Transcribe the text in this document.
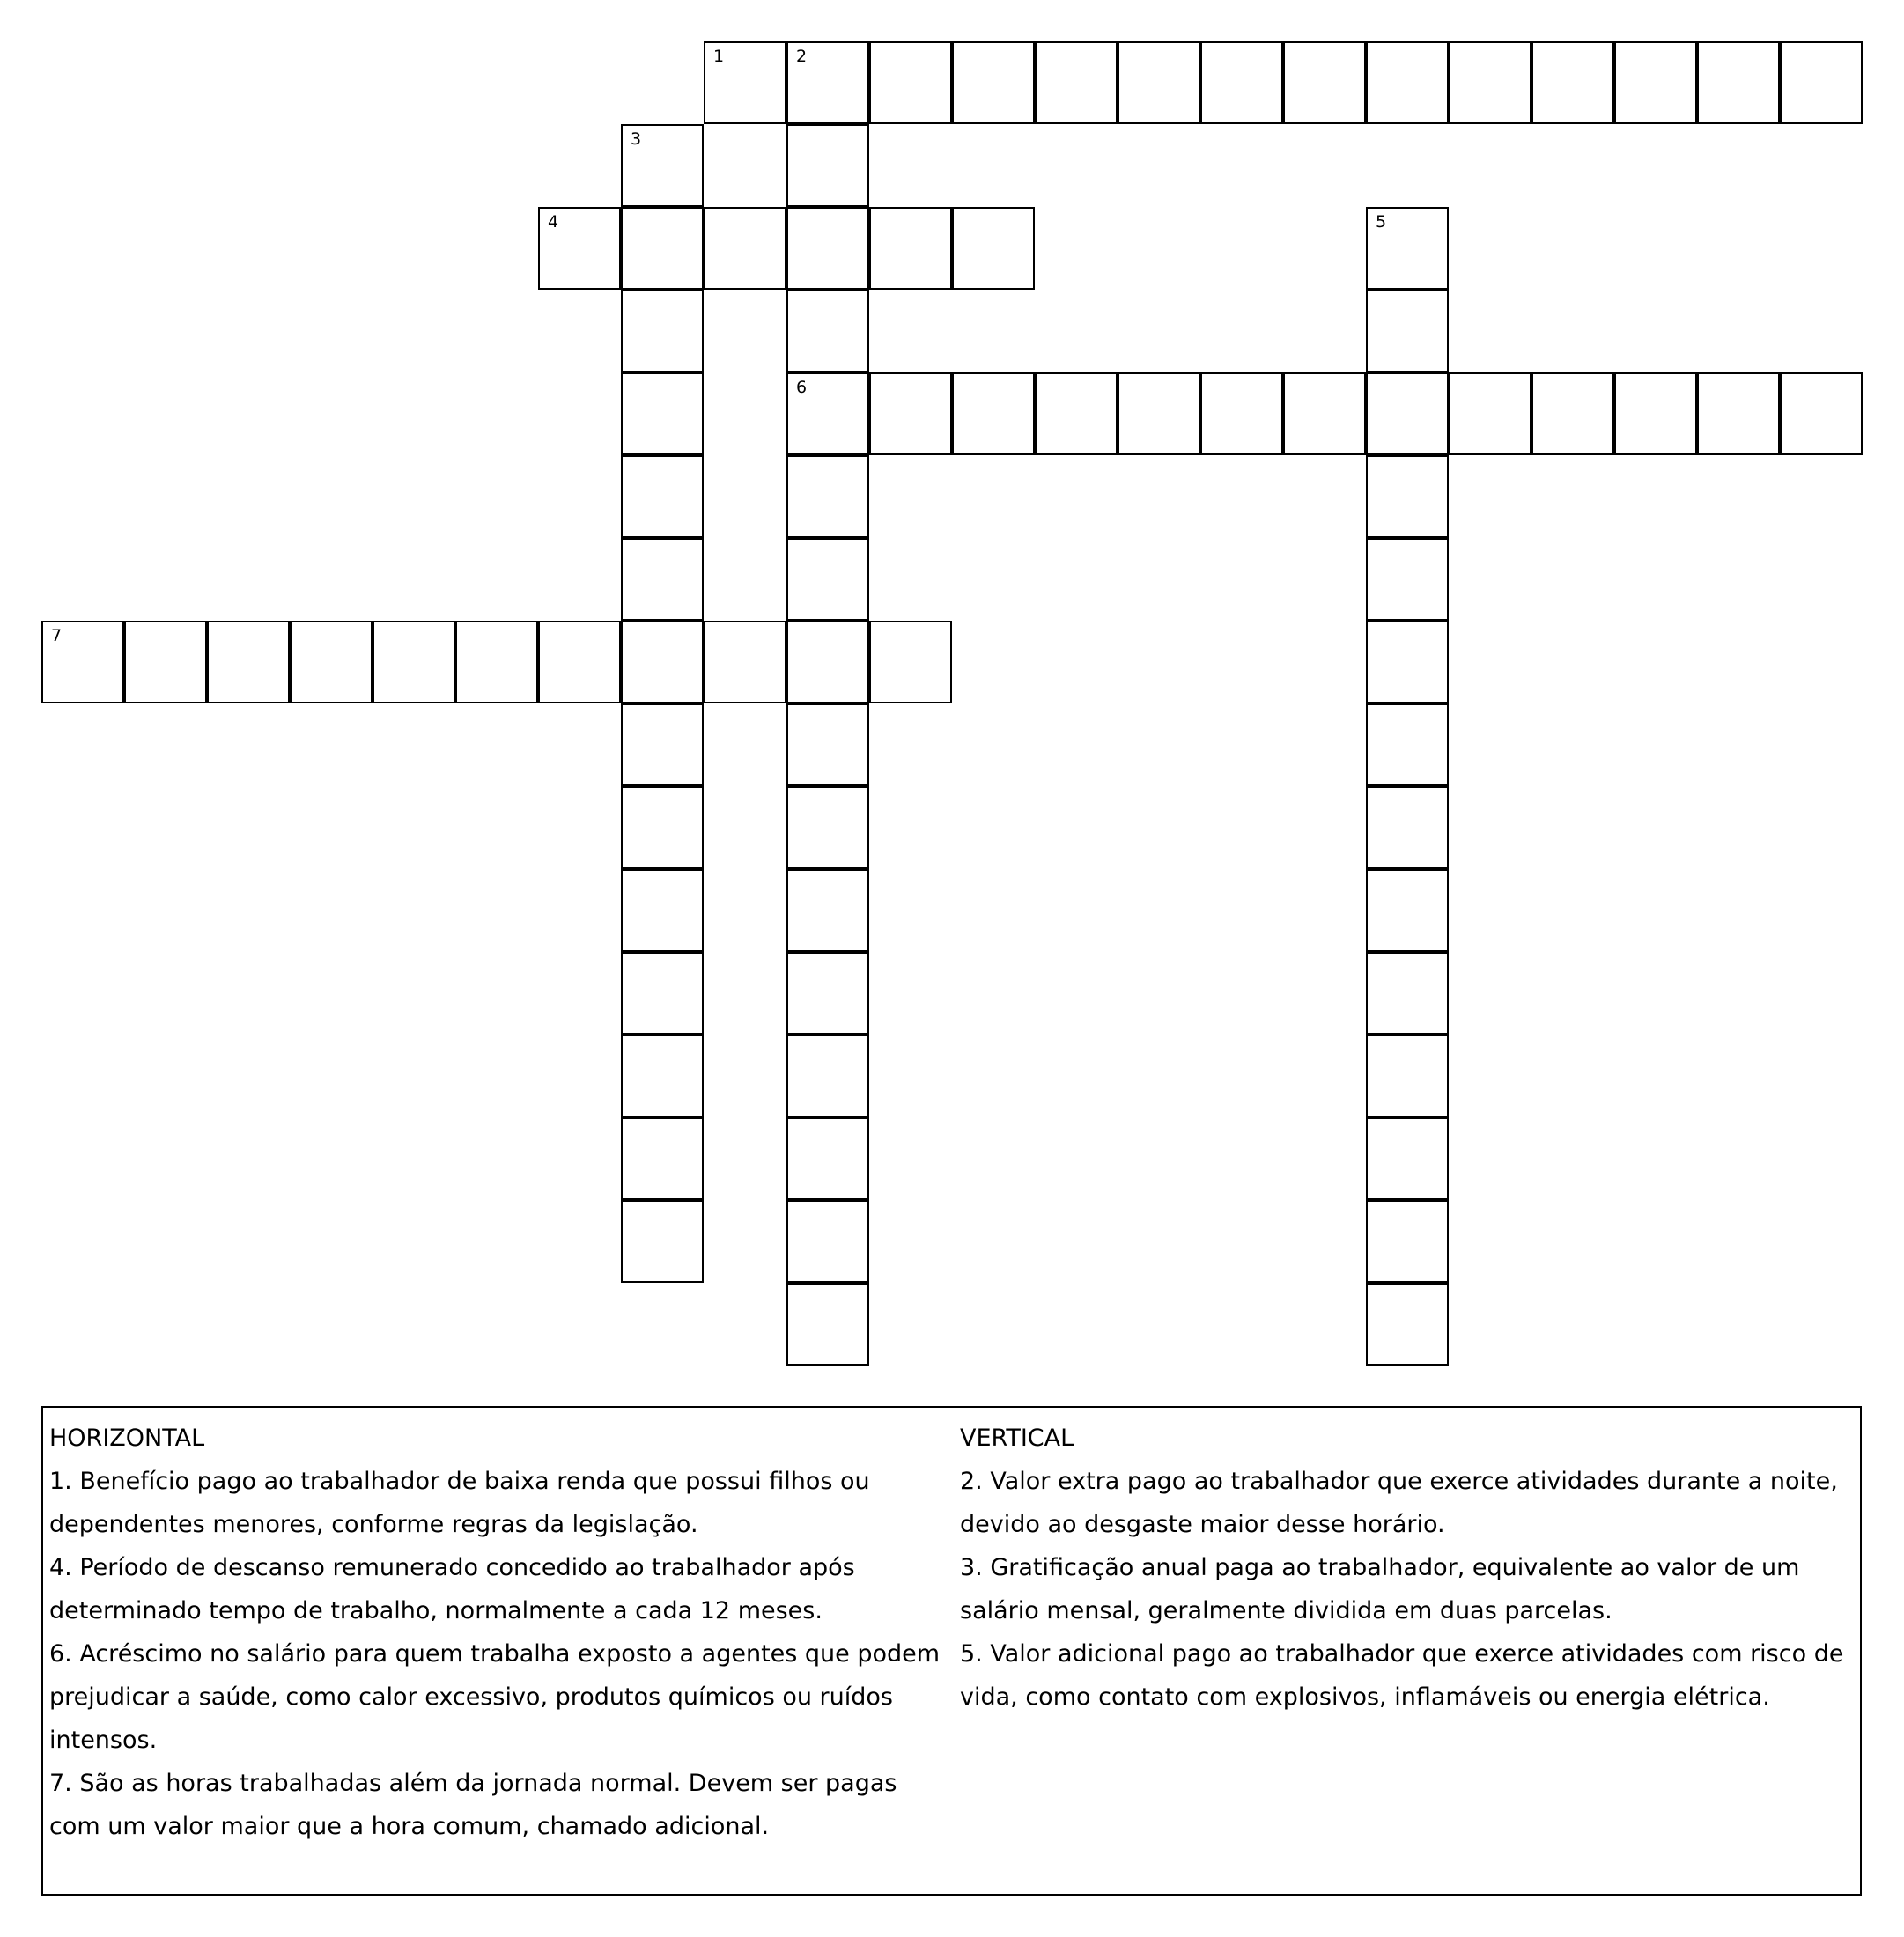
1	2
6
3
4	5
7
HORIZONTAL
1. Benefício pago ao trabalhador de baixa renda que possui filhos ou dependentes menores, conforme regras da legislação.
4. Período de descanso remunerado concedido ao trabalhador após determinado tempo de trabalho, normalmente a cada 12 meses.
6. Acréscimo no salário para quem trabalha exposto a agentes que podem prejudicar a saúde, como calor excessivo, produtos químicos ou ruídos intensos.
7. São as horas trabalhadas além da jornada normal. Devem ser pagas com um valor maior que a hora comum, chamado adicional.
VERTICAL
2. Valor extra pago ao trabalhador que exerce atividades durante a noite, devido ao desgaste maior desse horário.
3. Gratificação anual paga ao trabalhador, equivalente ao valor de um salário mensal, geralmente dividida em duas parcelas.
5. Valor adicional pago ao trabalhador que exerce atividades com risco de vida, como contato com explosivos, inflamáveis ou energia elétrica.
